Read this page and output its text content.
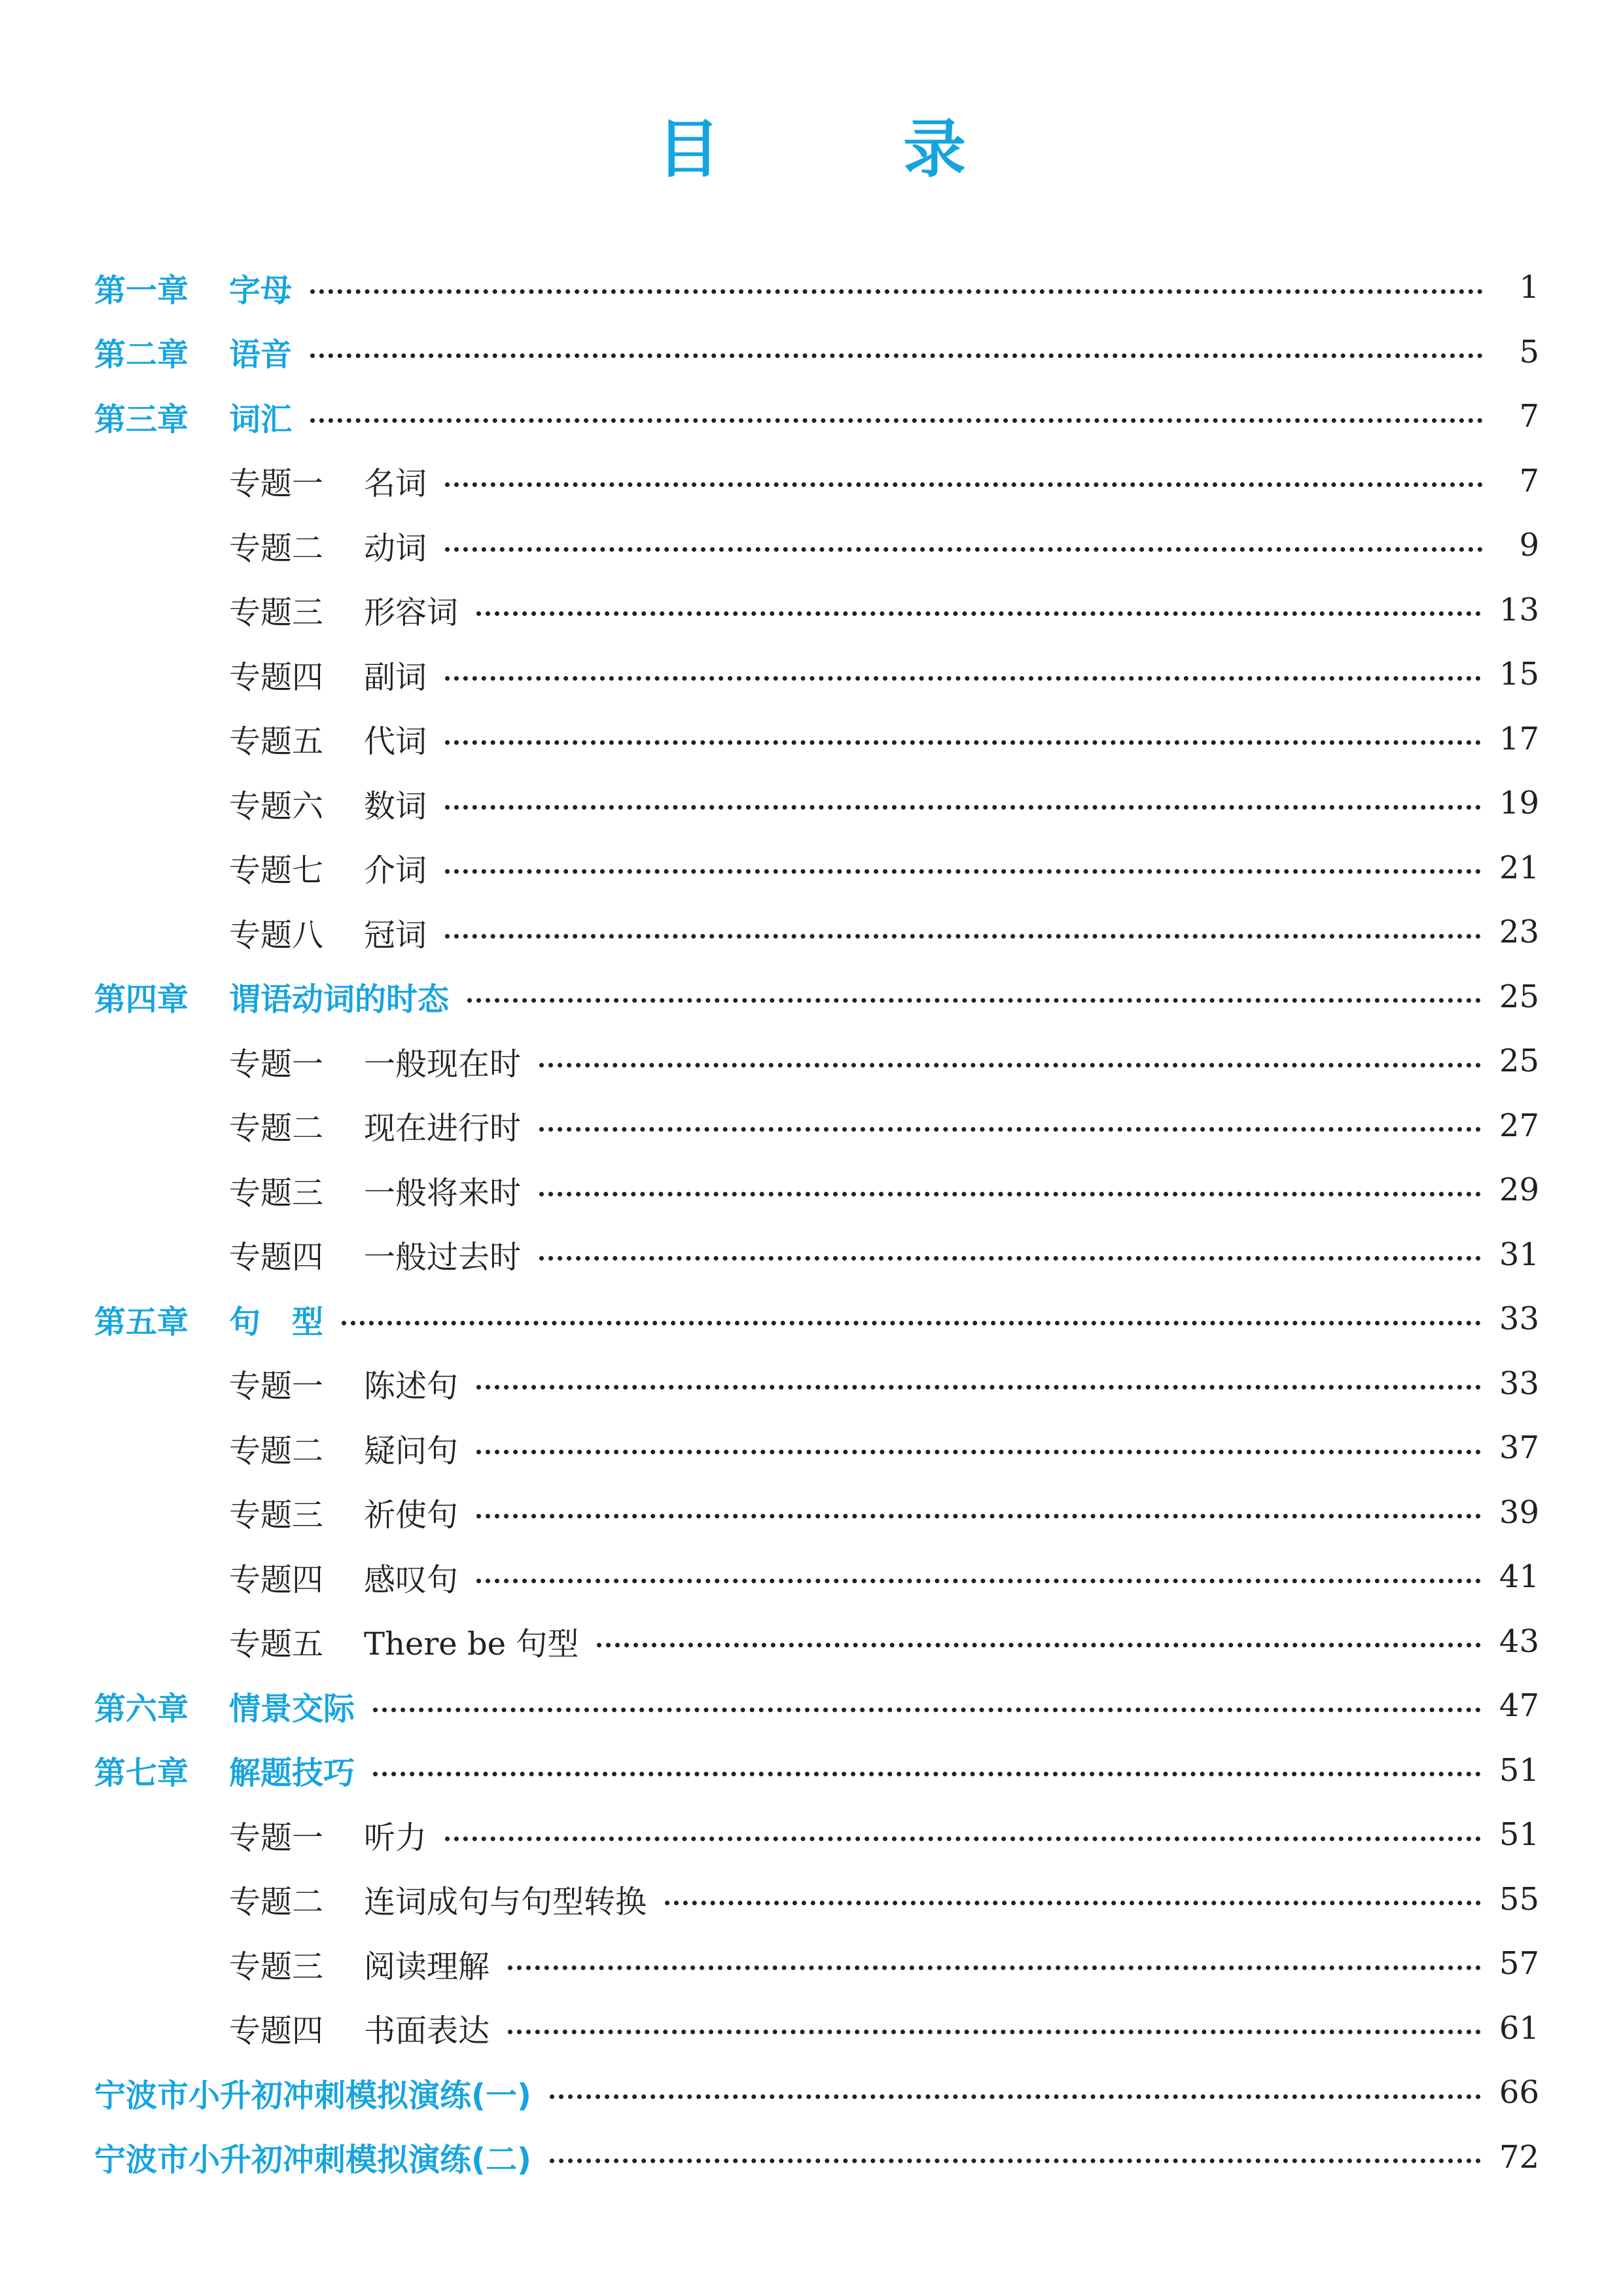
目　录
第一章	字母	1
第二章	语音	5
第三章	词汇	7
专题一	名词	7
专题二	动词	9
专题三	形容词	13
专题四	副词	15
专题五	代词	17
专题六	数词	19
专题七	介词	21
专题八	冠词	23
第四章	谓语动词的时态	25
专题一	一般现在时	25
专题二	现在进行时	27
专题三	一般将来时	29
专题四	一般过去时	31
第五章	句　型	33
专题一	陈述句	33
专题二	疑问句	37
专题三	祈使句	39
专题四	感叹句	41
专题五	There be 句型	43
第六章	情景交际	47
第七章	解题技巧	51
专题一	听力	51
专题二	连词成句与句型转换	55
专题三	阅读理解	57
专题四	书面表达	61
宁波市小升初冲刺模拟演练(一)	66
宁波市小升初冲刺模拟演练(二)	72
